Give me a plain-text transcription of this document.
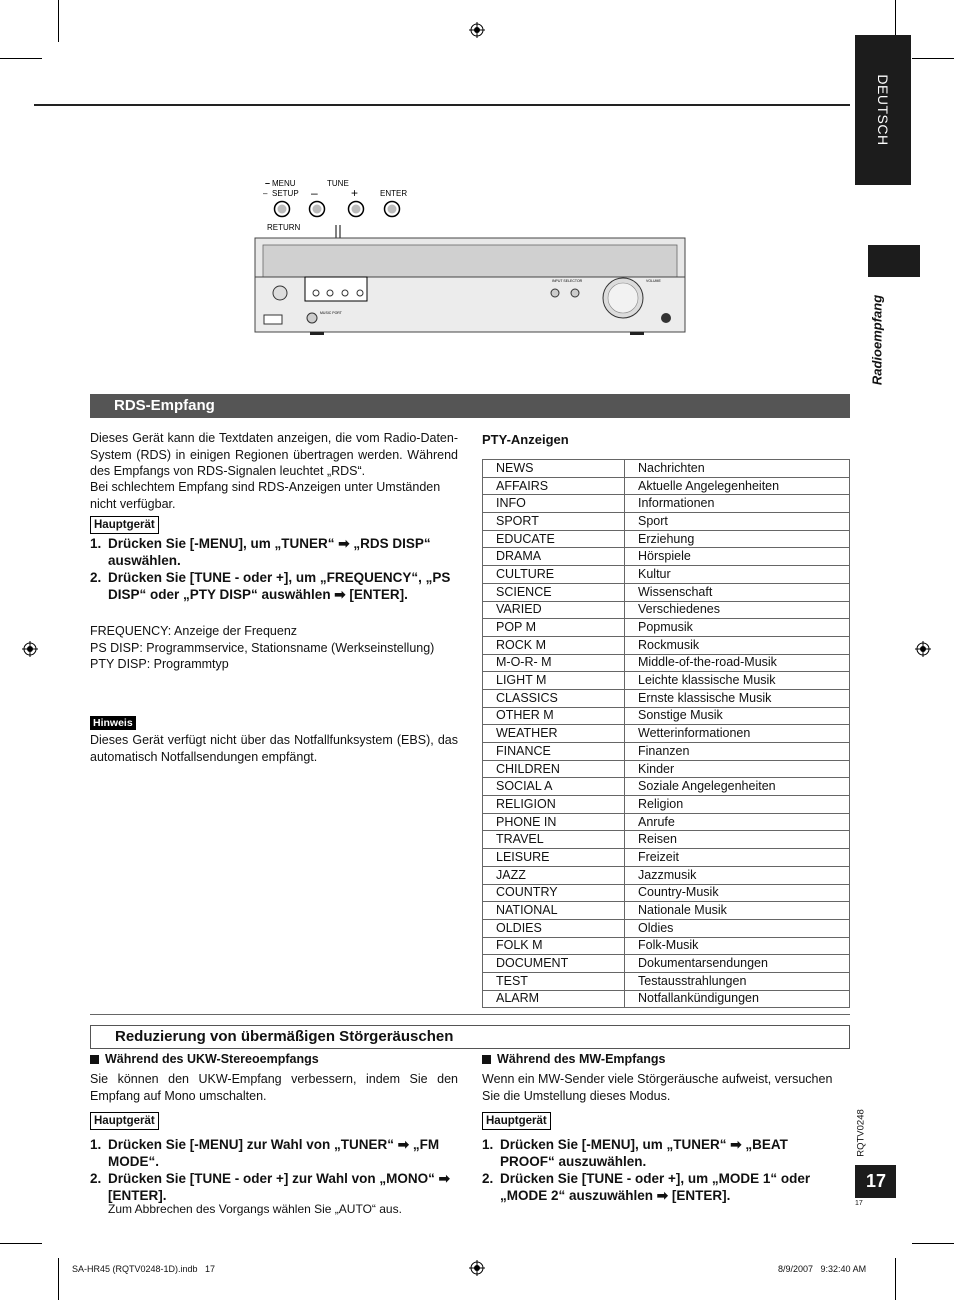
DEUTSCH
Radioempfang
MENU
–
– SETUP
TUNE
–	+	ENTER
RETURN
INPUT SELECTOR	VOLUME
MUSIC PORT
RDS-Empfang
Dieses Gerät kann die Textdaten anzeigen, die vom Radio-Daten-System (RDS) in einigen Regionen übertragen werden. Während des Empfangs von RDS-Signalen leuchtet „RDS“.
Bei schlechtem Empfang sind RDS-Anzeigen unter Umständen nicht verfügbar.
Hauptgerät
1. Drücken Sie [-MENU], um „TUNER“ ➡ „RDS DISP“ auswählen.
2. Drücken Sie [TUNE - oder +], um „FREQUENCY“, „PS DISP“ oder „PTY DISP“ auswählen ➡ [ENTER].
FREQUENCY: Anzeige der Frequenz
PS DISP: Programmservice, Stationsname (Werkseinstellung)
PTY DISP: Programmtyp
Hinweis
Dieses Gerät verfügt nicht über das Notfallfunksystem (EBS), das automatisch Notfallsendungen empfängt.
PTY-Anzeigen
NEWS	Nachrichten
AFFAIRS	Aktuelle Angelegenheiten
INFO	Informationen
SPORT	Sport
EDUCATE	Erziehung
DRAMA	Hörspiele
CULTURE	Kultur
SCIENCE	Wissenschaft
VARIED	Verschiedenes
POP M	Popmusik
ROCK M	Rockmusik
M-O-R- M	Middle-of-the-road-Musik
LIGHT M	Leichte klassische Musik
CLASSICS	Ernste klassische Musik
OTHER M	Sonstige Musik
WEATHER	Wetterinformationen
FINANCE	Finanzen
CHILDREN	Kinder
SOCIAL A	Soziale Angelegenheiten
RELIGION	Religion
PHONE IN	Anrufe
TRAVEL	Reisen
LEISURE	Freizeit
JAZZ	Jazzmusik
COUNTRY	Country-Musik
NATIONAL	Nationale Musik
OLDIES	Oldies
FOLK M	Folk-Musik
DOCUMENT	Dokumentarsendungen
TEST	Testausstrahlungen
ALARM	Notfallankündigungen
Reduzierung von übermäßigen Störgeräuschen
Während des UKW-Stereoempfangs
Sie können den UKW-Empfang verbessern, indem Sie den Empfang auf Mono umschalten.
Hauptgerät
1. Drücken Sie [-MENU] zur Wahl von „TUNER“ ➡ „FM MODE“.
2. Drücken Sie [TUNE - oder +] zur Wahl von „MONO“ ➡ [ENTER].
Zum Abbrechen des Vorgangs wählen Sie „AUTO“ aus.
Während des MW-Empfangs
Wenn ein MW-Sender viele Störgeräusche aufweist, versuchen Sie die Umstellung dieses Modus.
Hauptgerät
1. Drücken Sie [-MENU], um „TUNER“ ➡ „BEAT PROOF“ auszuwählen.
2. Drücken Sie [TUNE - oder +], um „MODE 1“ oder „MODE 2“ auszuwählen ➡ [ENTER].
RQTV0248
17
17
SA-HR45 (RQTV0248-1D).indb   17	8/9/2007   9:32:40 AM
